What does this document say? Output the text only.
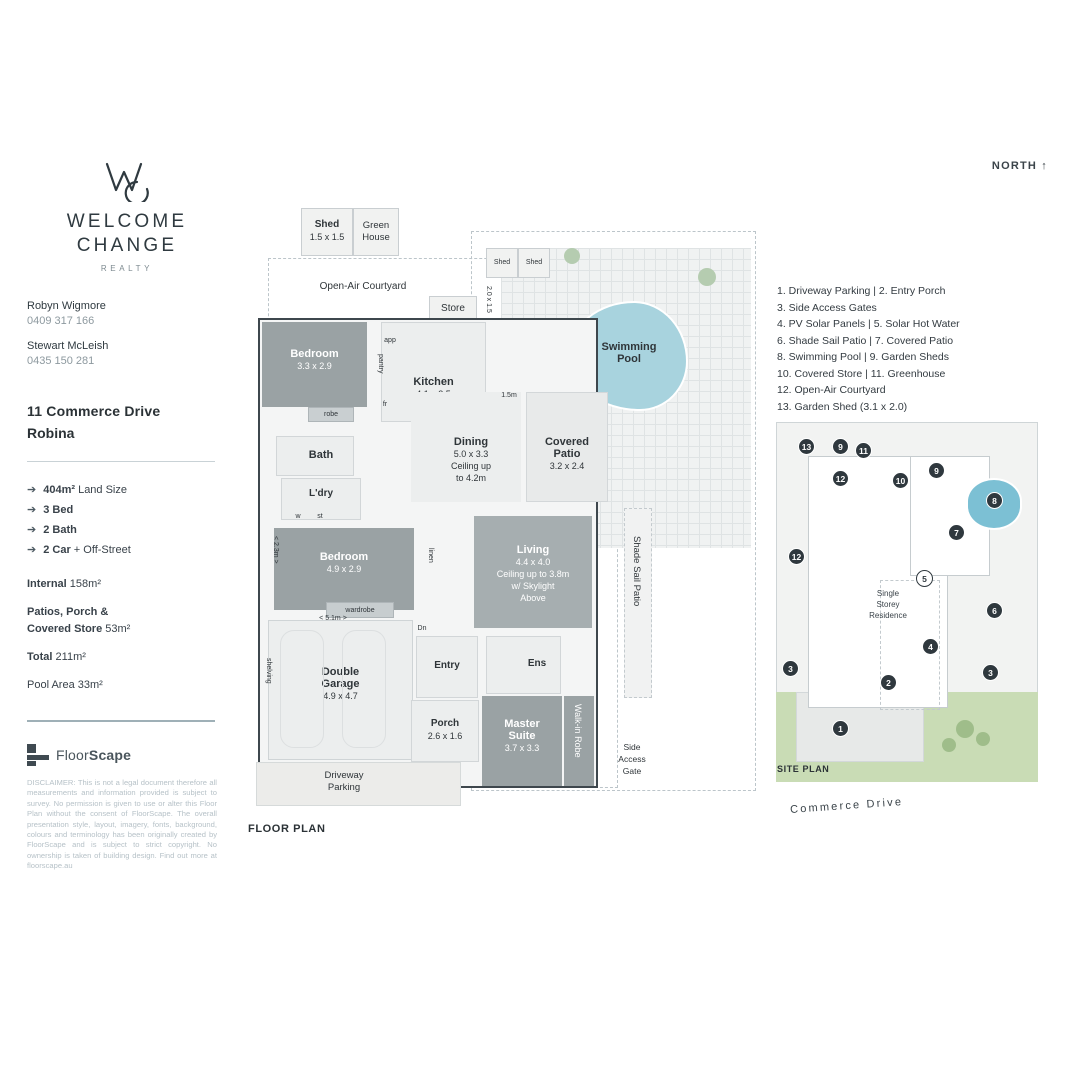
WELCOME
CHANGE
REALTY
Robyn Wigmore
0409 317 166
Stewart McLeish
0435 150 281
11 Commerce Drive
Robina
➔ 404m² Land Size
➔ 3 Bed
➔ 2 Bath
➔ 2 Car + Off-Street
Internal 158m²
Patios, Porch &
Covered Store 53m²
Total 211m²
Pool Area 33m²
FloorScape
DISCLAIMER: This is not a legal document therefore all measurements and information provided is subject to survey. No permission is given to use or alter this Floor Plan without the consent of FloorScape. The overall presentation style, layout, imagery, fonts, background, colours and terminology has been originally created by FloorScape and is subject to strict copyright. No ownership is taken of building design. Find out more at floorscape.au
NORTH ↑
1. Driveway Parking | 2. Entry Porch
3. Side Access Gates
4. PV Solar Panels | 5. Solar Hot Water
6. Shade Sail Patio | 7. Covered Patio
8. Swimming Pool | 9. Garden Sheds
10. Covered Store | 11. Greenhouse
12. Open-Air Courtyard
13. Garden Shed (3.1 x 2.0)
Swimming
Pool
Shed
1.5 x 1.5
Green
House
Shed	Shed
Open-Air Courtyard
Store	2.0 x 1.5
Bedroom
3.3 x 2.9
robe
Kitchen
pantry
app
fr
Dining
5.0 x 3.3
Ceiling up
to 4.2m
Covered
Patio
3.2 x 2.4
1.5m
Bath
L'dry
w	st
Bedroom
4.9 x 2.9
< 2.3m >
wardrobe
linen	Living
4.4 x 4.0
Ceiling up to 3.8m
w/ Skylight
Above	Shade Sail Patio
Double
Garage
4.9 x 4.7
< 5.1m >
shelving	Entry
Dn
Ens
Porch
2.6 x 1.6
Master
Suite
3.7 x 3.3	Walk-in Robe	Side
Access
Gate
Driveway
Parking
FLOOR PLAN
Single
Storey
Residence
13	9 11
12	10
9
8
7
5
12
6
4
3
2
3
1
SITE PLAN
Commerce Drive
